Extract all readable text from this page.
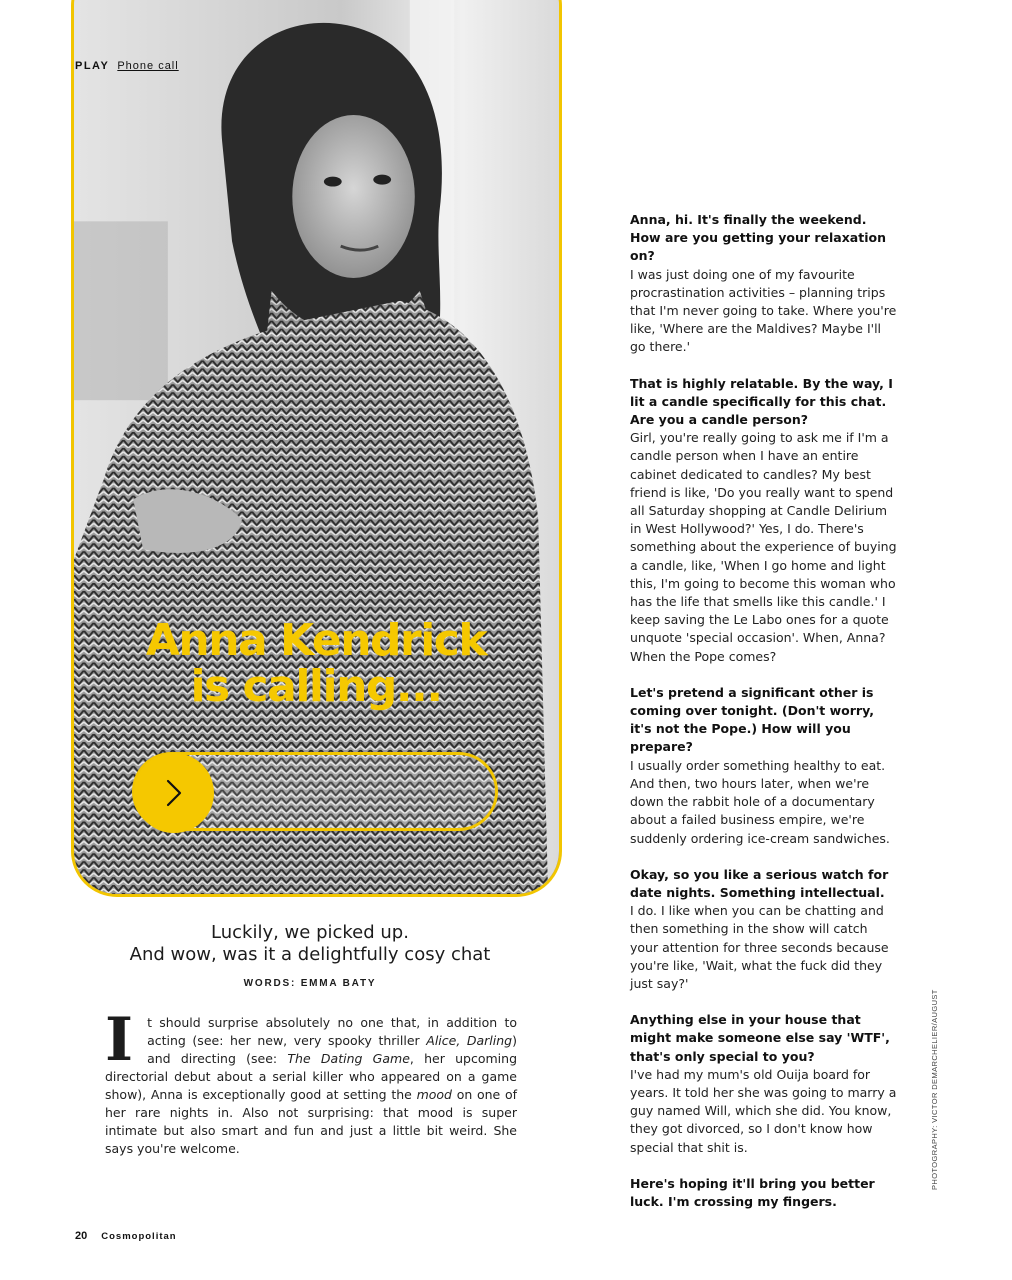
PLAY Phone call
Anna Kendrick
is calling...
Luckily, we picked up.
And wow, was it a delightfully cosy chat
WORDS: EMMA BATY
I t should surprise absolutely no one that, in addition to acting (see: her new, very spooky thriller Alice, Darling) and directing (see: The Dating Game, her upcoming directorial debut about a serial killer who appeared on a game show), Anna is exceptionally good at setting the mood on one of her rare nights in. Also not surprising: that mood is super intimate but also smart and fun and just a little bit weird. She says you're welcome.
Anna, hi. It's finally the weekend. How are you getting your relaxation on?
I was just doing one of my favourite procrastination activities – planning trips that I'm never going to take. Where you're like, 'Where are the Maldives? Maybe I'll go there.'
That is highly relatable. By the way, I lit a candle specifically for this chat. Are you a candle person?
Girl, you're really going to ask me if I'm a candle person when I have an entire cabinet dedicated to candles? My best friend is like, 'Do you really want to spend all Saturday shopping at Candle Delirium in West Hollywood?' Yes, I do. There's something about the experience of buying a candle, like, 'When I go home and light this, I'm going to become this woman who has the life that smells like this candle.' I keep saving the Le Labo ones for a quote unquote 'special occasion'. When, Anna? When the Pope comes?
Let's pretend a significant other is coming over tonight. (Don't worry, it's not the Pope.) How will you prepare?
I usually order something healthy to eat. And then, two hours later, when we're down the rabbit hole of a documentary about a failed business empire, we're suddenly ordering ice-cream sandwiches.
Okay, so you like a serious watch for date nights. Something intellectual.
I do. I like when you can be chatting and then something in the show will catch your attention for three seconds because you're like, 'Wait, what the fuck did they just say?'
Anything else in your house that might make someone else say 'WTF', that's only special to you?
I've had my mum's old Ouija board for years. It told her she was going to marry a guy named Will, which she did. You know, they got divorced, so I don't know how special that shit is.
Here's hoping it'll bring you better luck. I'm crossing my fingers.
PHOTOGRAPHY: VICTOR DEMARCHELIER/AUGUST
20 Cosmopolitan
